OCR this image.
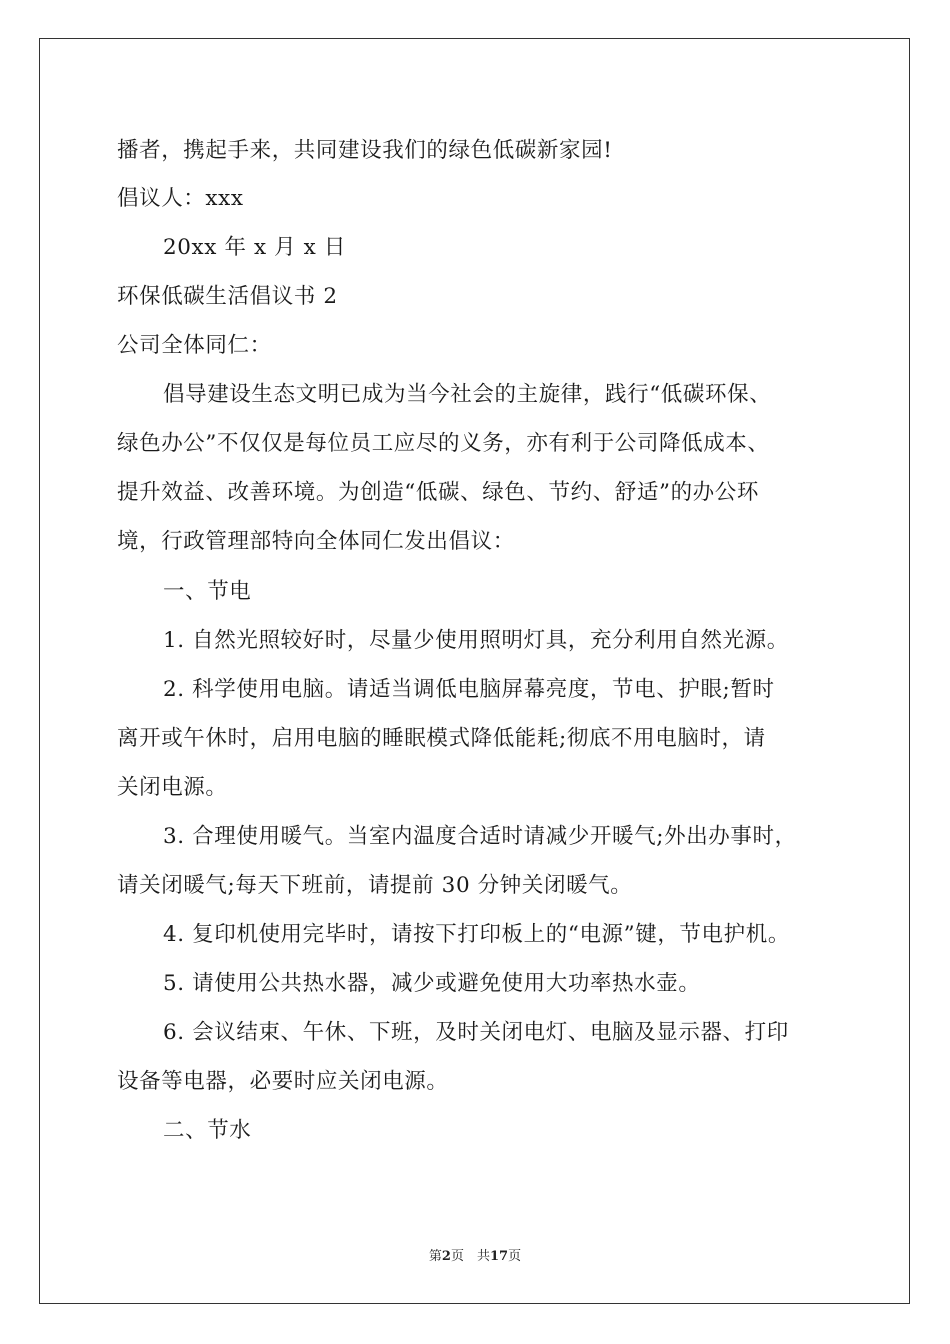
播者，携起手来，共同建设我们的绿色低碳新家园!

倡议人：xxx

20xx 年 x 月 x 日

环保低碳生活倡议书 2

公司全体同仁：

倡导建设生态文明已成为当今社会的主旋律，践行“低碳环保、

绿色办公”不仅仅是每位员工应尽的义务，亦有利于公司降低成本、

提升效益、改善环境。为创造“低碳、绿色、节约、舒适”的办公环

境，行政管理部特向全体同仁发出倡议：

一、节电

1. 自然光照较好时，尽量少使用照明灯具，充分利用自然光源。

2. 科学使用电脑。请适当调低电脑屏幕亮度，节电、护眼;暂时

离开或午休时，启用电脑的睡眠模式降低能耗;彻底不用电脑时，请

关闭电源。

3. 合理使用暖气。当室内温度合适时请减少开暖气;外出办事时，

请关闭暖气;每天下班前，请提前 30 分钟关闭暖气。

4. 复印机使用完毕时，请按下打印板上的“电源”键，节电护机。

5. 请使用公共热水器，减少或避免使用大功率热水壶。

6. 会议结束、午休、下班，及时关闭电灯、电脑及显示器、打印

设备等电器，必要时应关闭电源。

二、节水

第2页　共17页
